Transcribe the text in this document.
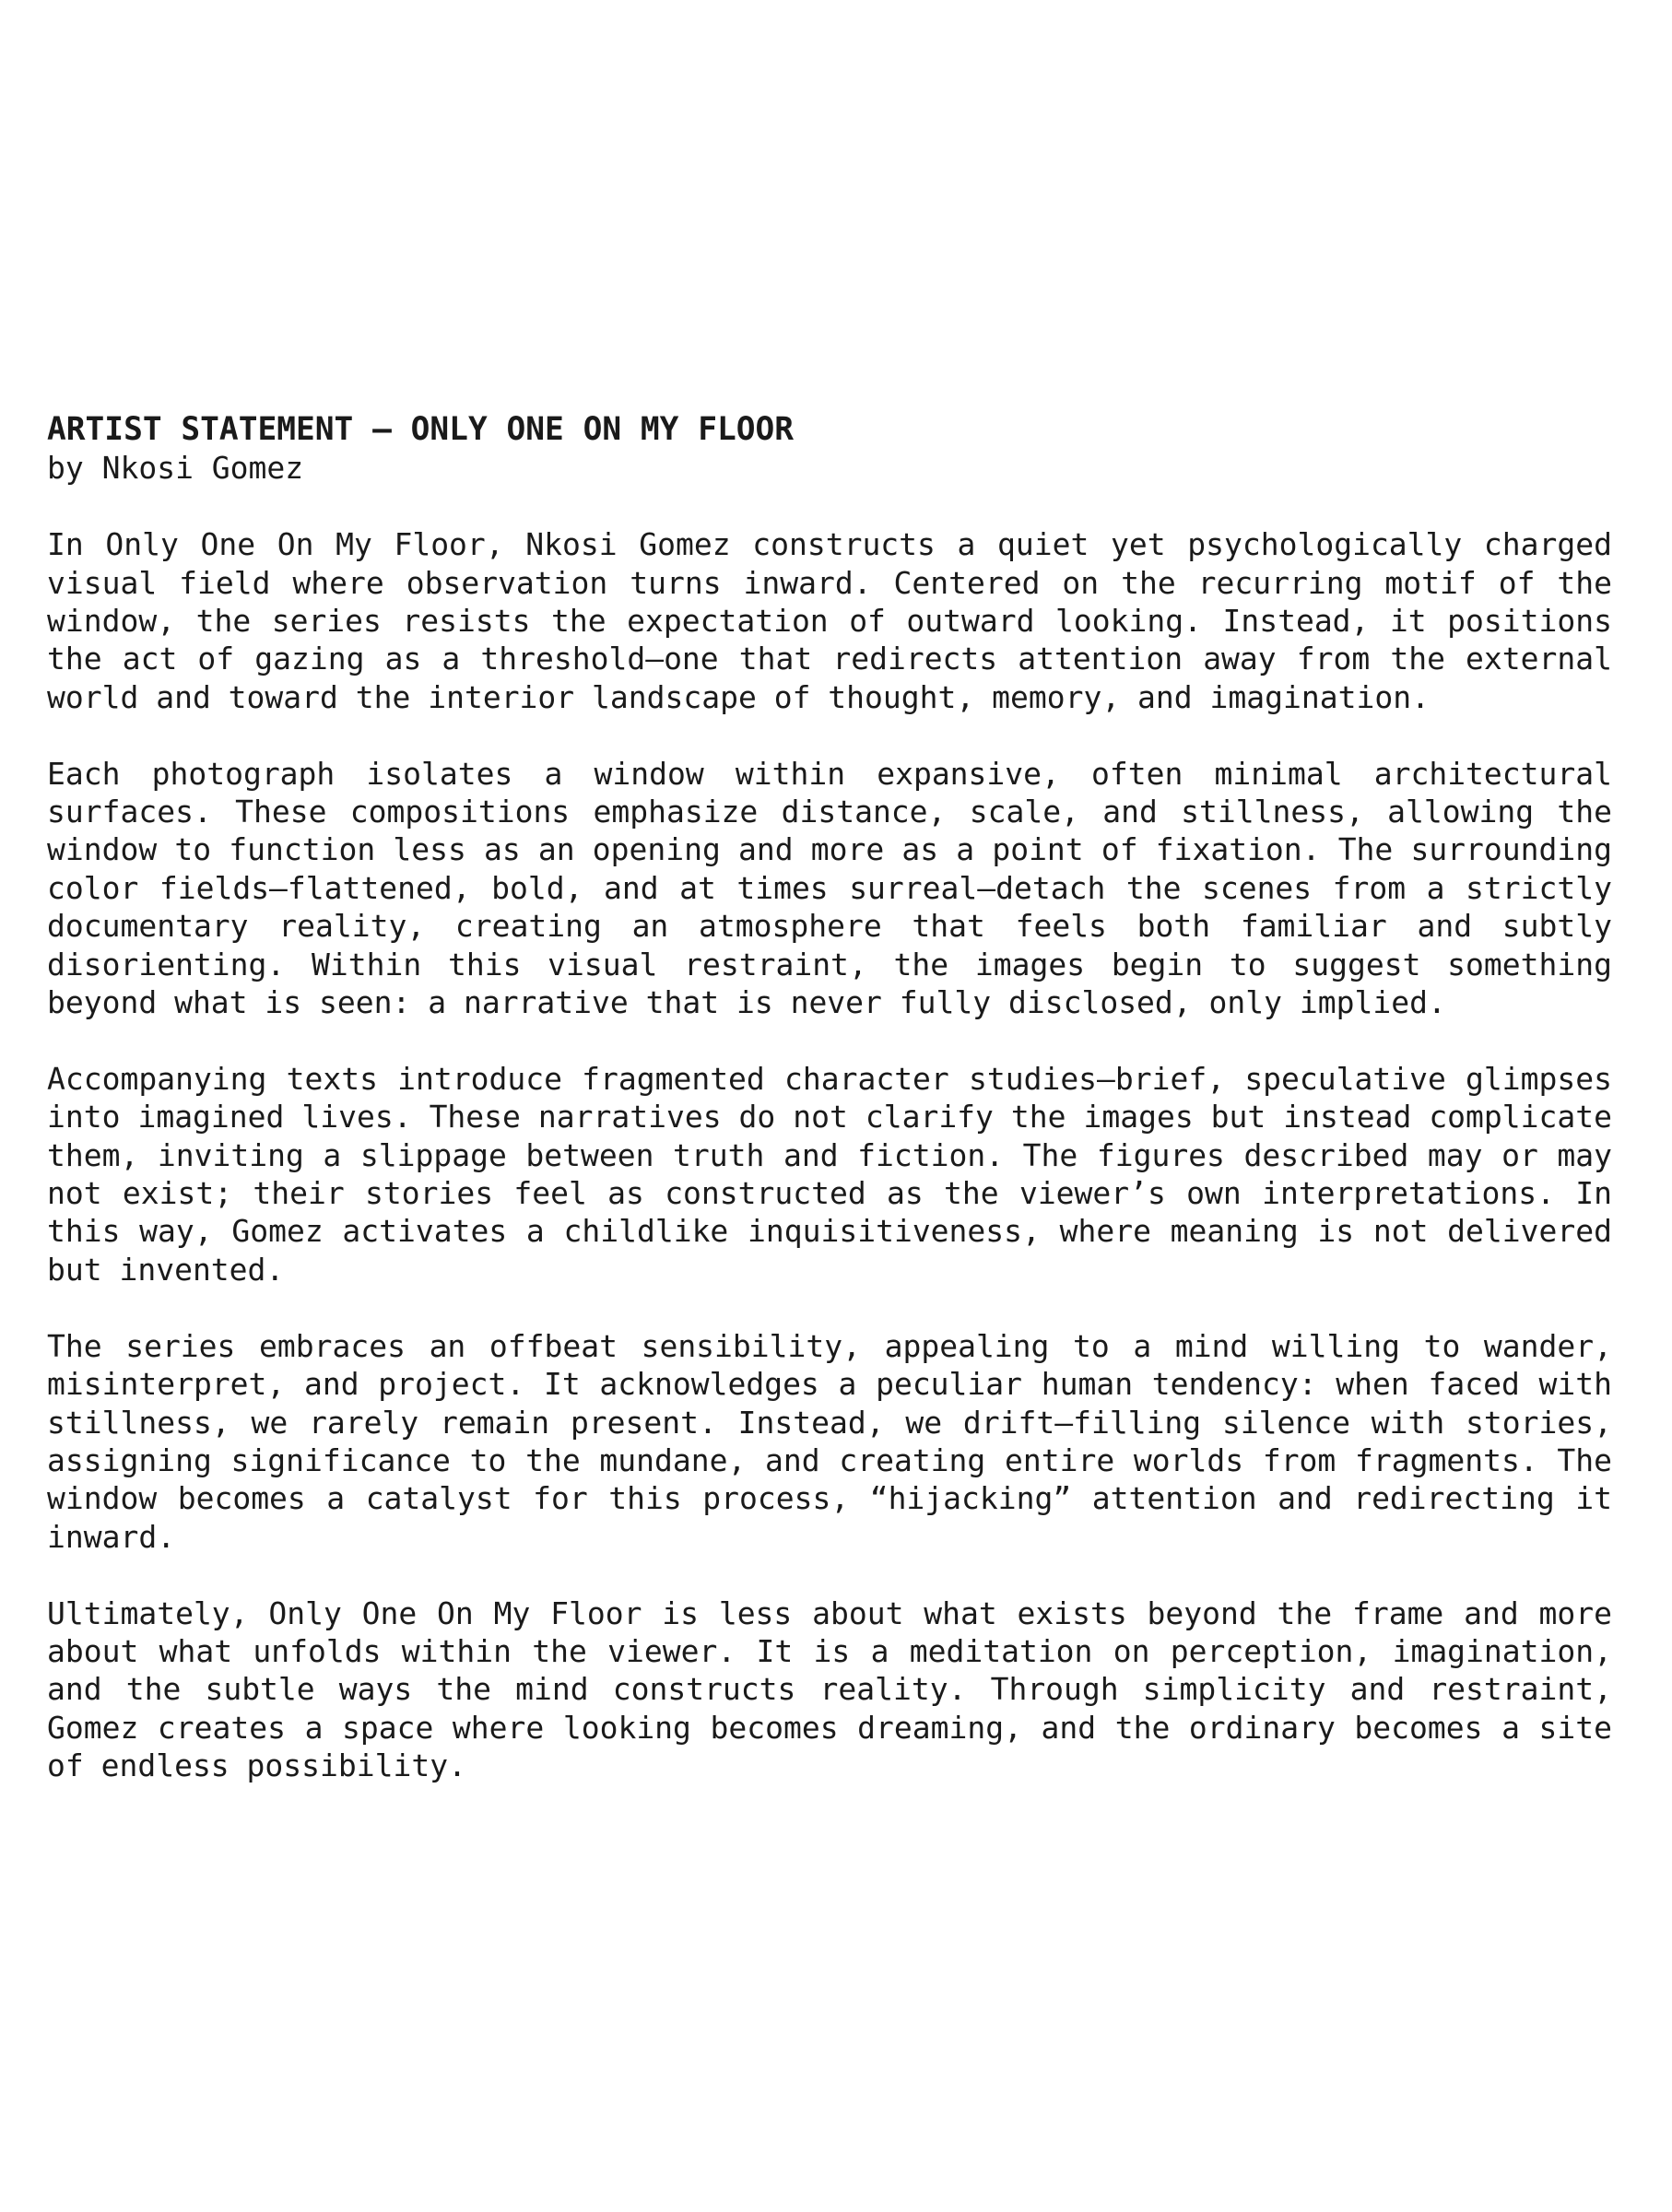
ARTIST STATEMENT — ONLY ONE ON MY FLOOR

by Nkosi Gomez

In Only One On My Floor, Nkosi Gomez constructs a quiet yet psychologically charged visual field where observation turns inward. Centered on the recurring motif of the window, the series resists the expectation of outward looking. Instead, it positions the act of gazing as a threshold—one that redirects attention away from the external world and toward the interior landscape of thought, memory, and imagination.

Each photograph isolates a window within expansive, often minimal architectural surfaces. These compositions emphasize distance, scale, and stillness, allowing the window to function less as an opening and more as a point of fixation. The surrounding color fields—flattened, bold, and at times surreal—detach the scenes from a strictly documentary reality, creating an atmosphere that feels both familiar and subtly disorienting. Within this visual restraint, the images begin to suggest something beyond what is seen: a narrative that is never fully disclosed, only implied.

Accompanying texts introduce fragmented character studies—brief, speculative glimpses into imagined lives. These narratives do not clarify the images but instead complicate them, inviting a slippage between truth and fiction. The figures described may or may not exist; their stories feel as constructed as the viewer’s own interpretations. In this way, Gomez activates a childlike inquisitiveness, where meaning is not delivered but invented.

The series embraces an offbeat sensibility, appealing to a mind willing to wander, misinterpret, and project. It acknowledges a peculiar human tendency: when faced with stillness, we rarely remain present. Instead, we drift—filling silence with stories, assigning significance to the mundane, and creating entire worlds from fragments. The window becomes a catalyst for this process, “hijacking” attention and redirecting it inward.

Ultimately, Only One On My Floor is less about what exists beyond the frame and more about what unfolds within the viewer. It is a meditation on perception, imagination, and the subtle ways the mind constructs reality. Through simplicity and restraint, Gomez creates a space where looking becomes dreaming, and the ordinary becomes a site of endless possibility.
